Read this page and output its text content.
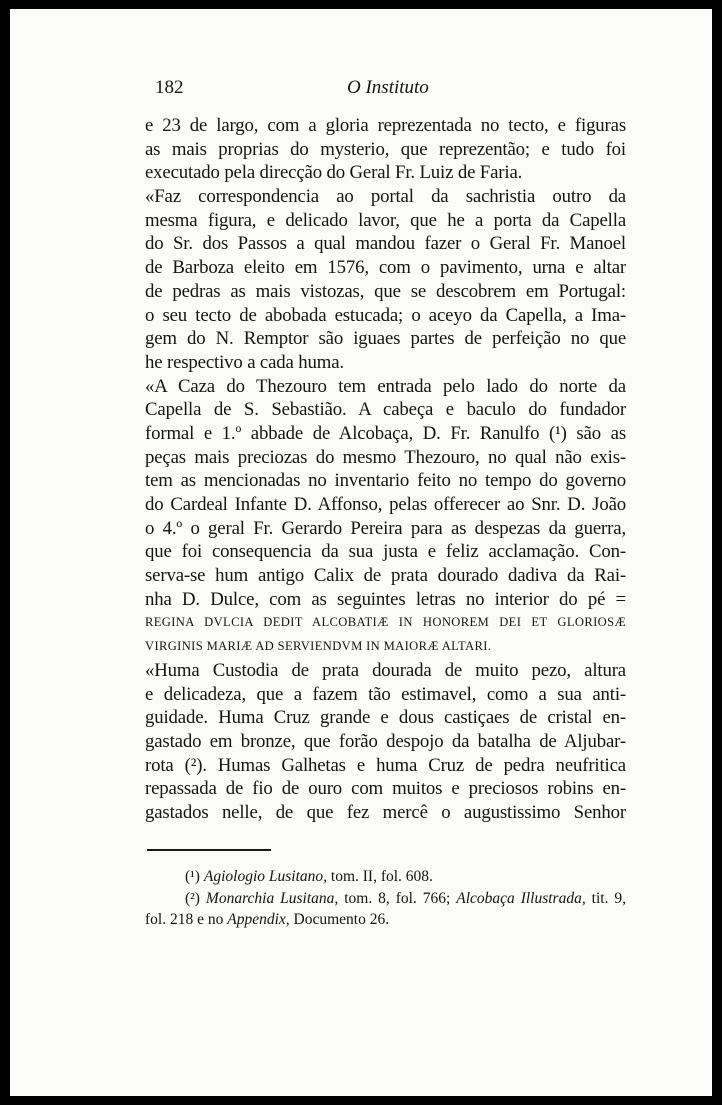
182	O Instituto
e 23 de largo, com a gloria reprezentada no tecto, e figuras
as mais proprias do mysterio, que reprezentão; e tudo foi
executado pela direcção do Geral Fr. Luiz de Faria.
«Faz correspondencia ao portal da sachristia outro da
mesma figura, e delicado lavor, que he a porta da Capella
do Sr. dos Passos a qual mandou fazer o Geral Fr. Manoel
de Barboza eleito em 1576, com o pavimento, urna e altar
de pedras as mais vistozas, que se descobrem em Portugal:
o seu tecto de abobada estucada; o aceyo da Capella, a Ima-
gem do N. Remptor são iguaes partes de perfeição no que
he respectivo a cada huma.
«A Caza do Thezouro tem entrada pelo lado do norte da
Capella de S. Sebastião. A cabeça e baculo do fundador
formal e 1.º abbade de Alcobaça, D. Fr. Ranulfo (¹) são as
peças mais preciozas do mesmo Thezouro, no qual não exis-
tem as mencionadas no inventario feito no tempo do governo
do Cardeal Infante D. Affonso, pelas offerecer ao Snr. D. João
o 4.º o geral Fr. Gerardo Pereira para as despezas da guerra,
que foi consequencia da sua justa e feliz acclamação. Con-
serva-se hum antigo Calix de prata dourado dadiva da Rai-
nha D. Dulce, com as seguintes letras no interior do pé =
REGINA DVLCIA DEDIT ALCOBATIÆ IN HONOREM DEI ET GLORIOSÆ
VIRGINIS MARIÆ AD SERVIENDVM IN MAIORÆ ALTARI.
«Huma Custodia de prata dourada de muito pezo, altura
e delicadeza, que a fazem tão estimavel, como a sua anti-
guidade. Huma Cruz grande e dous castiçaes de cristal en-
gastado em bronze, que forão despojo da batalha de Aljubar-
rota (²). Humas Galhetas e huma Cruz de pedra neufritica
repassada de fio de ouro com muitos e preciosos robins en-
gastados nelle, de que fez mercê o augustissimo Senhor
(¹) Agiologio Lusitano, tom. II, fol. 608.
(²) Monarchia Lusitana, tom. 8, fol. 766; Alcobaça Illustrada, tit. 9,
fol. 218 e no Appendix, Documento 26.
